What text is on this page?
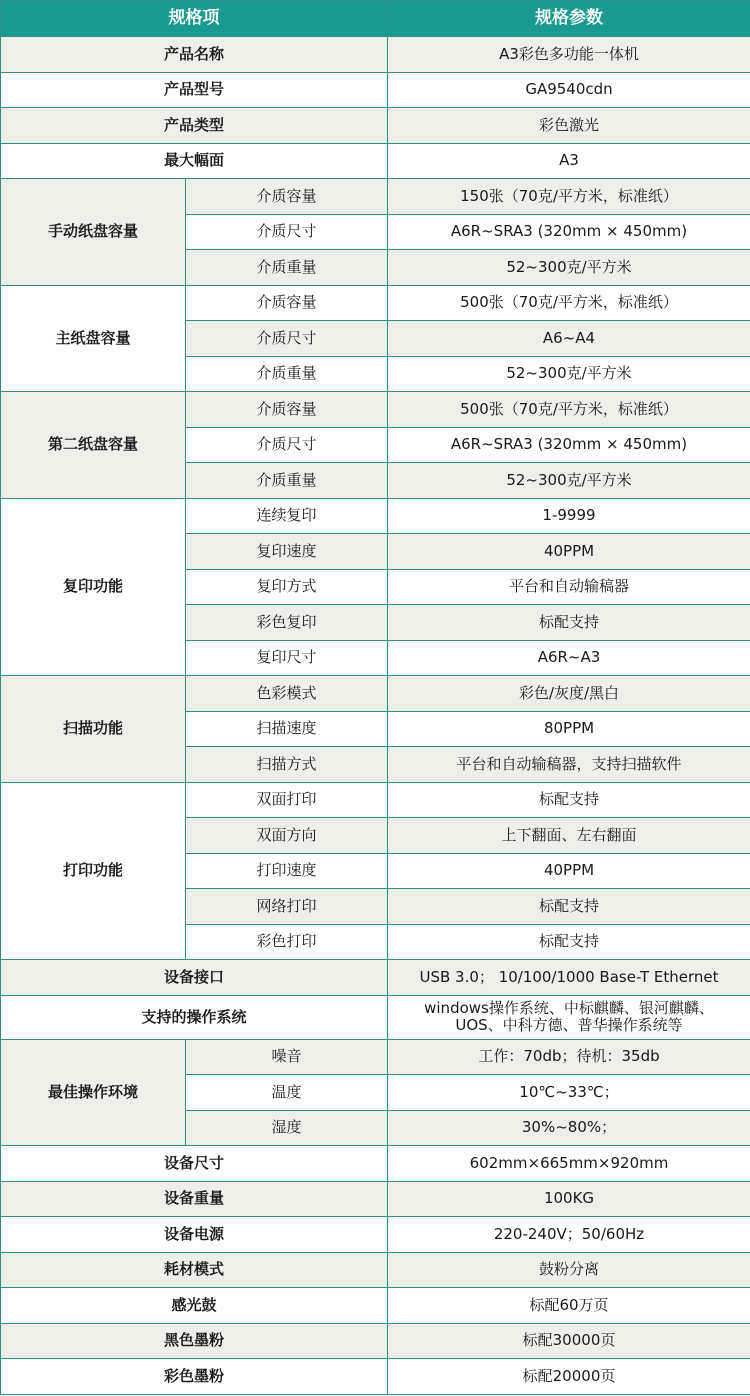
规格项		规格参数
产品名称		A3彩色多功能一体机
产品型号		GA9540cdn
产品类型		彩色激光
最大幅面		A3
手动纸盘容量	介质容量	150张（70克/平方米，标准纸）
	介质尺寸	A6R~SRA3 (320mm × 450mm)
	介质重量	52~300克/平方米
主纸盘容量	介质容量	500张（70克/平方米，标准纸）
	介质尺寸	A6~A4
	介质重量	52~300克/平方米
第二纸盘容量	介质容量	500张（70克/平方米，标准纸）
	介质尺寸	A6R~SRA3 (320mm × 450mm)
	介质重量	52~300克/平方米
复印功能	连续复印	1-9999
	复印速度	40PPM
	复印方式	平台和自动输稿器
	彩色复印	标配支持
	复印尺寸	A6R~A3
扫描功能	色彩模式	彩色/灰度/黑白
	扫描速度	80PPM
	扫描方式	平台和自动输稿器，支持扫描软件
打印功能	双面打印	标配支持
	双面方向	上下翻面、左右翻面
	打印速度	40PPM
	网络打印	标配支持
	彩色打印	标配支持
设备接口		USB 3.0； 10/100/1000 Base-T Ethernet
支持的操作系统		windows操作系统、中标麒麟、银河麒麟、
UOS、中科方德、普华操作系统等

最佳操作环境	噪音	工作：70db；待机：35db
	温度	10℃~33℃；
	湿度	30%~80%；
设备尺寸		602mm×665mm×920mm
设备重量		100KG
设备电源		220-240V；50/60Hz
耗材模式		鼓粉分离
感光鼓		标配60万页
黑色墨粉		标配30000页
彩色墨粉		标配20000页
